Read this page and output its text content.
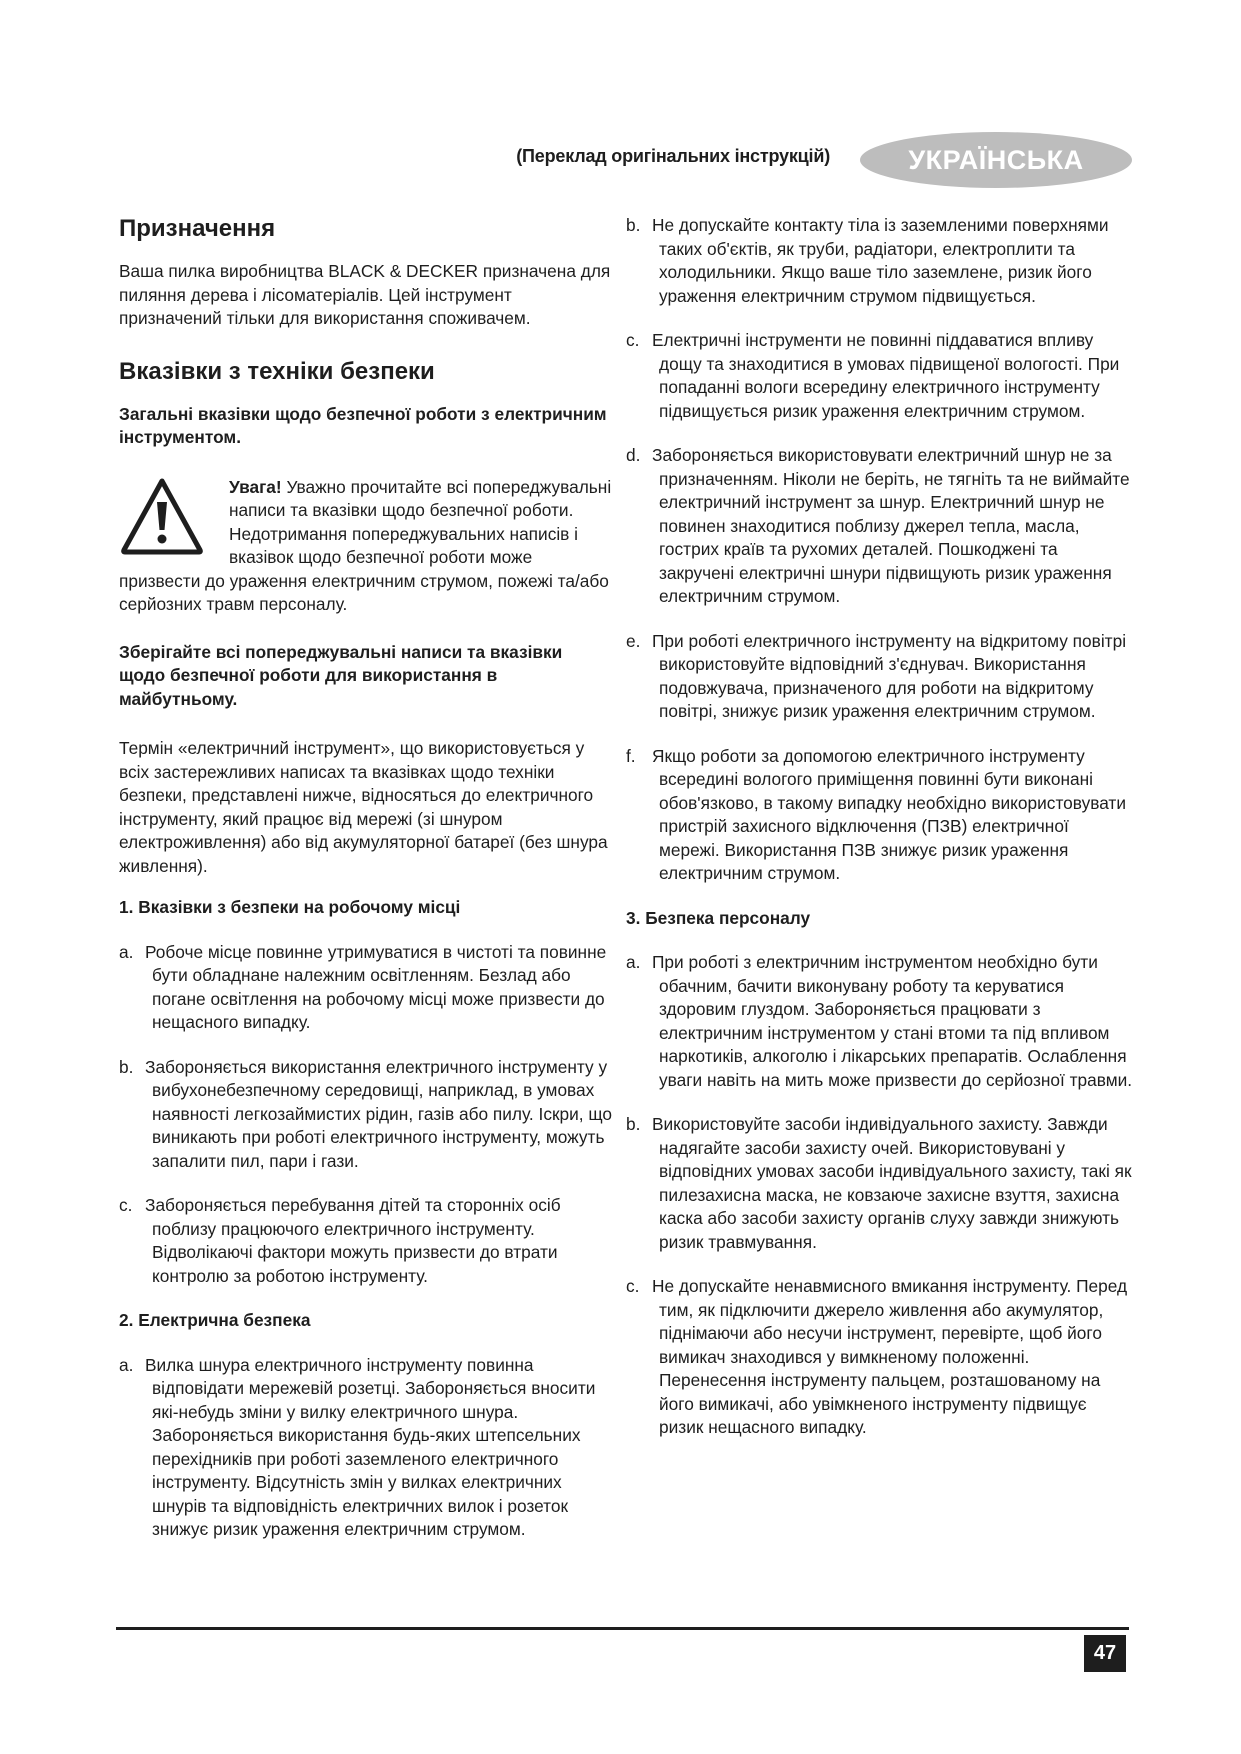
(Переклад оригінальних інструкцій)	УКРАЇНСЬКА
Призначення

Ваша пилка виробництва BLACK & DECKER призначена для пиляння дерева і лісоматеріалів. Цей інструмент призначений тільки для використання споживачем.

Вказівки з техніки безпеки
Загальні вказівки щодо безпечної роботи з електричним інструментом.

Увага! Уважно прочитайте всі попереджувальні написи та вказівки щодо безпечної роботи. Недотримання попереджувальних написів і вказівок щодо безпечної роботи може призвести до ураження електричним струмом, пожежі та/або серйозних травм персоналу.

Зберігайте всі попереджувальні написи та вказівки щодо безпечної роботи для використання в майбутньому.

Термін «електричний інструмент», що використовується у всіх застережливих написах та вказівках щодо техніки безпеки, представлені нижче, відносяться до електричного інструменту, який працює від мережі (зі шнуром електроживлення) або від акумуляторної батареї (без шнура живлення).

1. Вказівки з безпеки на робочому місці
a. Робоче місце повинне утримуватися в чистоті та повинне бути обладнане належним освітленням. Безлад або погане освітлення на робочому місці може призвести до нещасного випадку.
b. Забороняється використання електричного інструменту у вибухонебезпечному середовищі, наприклад, в умовах наявності легкозаймистих рідин, газів або пилу. Іскри, що виникають при роботі електричного інструменту, можуть запалити пил, пари і гази.
c. Забороняється перебування дітей та сторонніх осіб поблизу працюючого електричного інструменту. Відволікаючі фактори можуть призвести до втрати контролю за роботою інструменту.
2. Електрична безпека
a. Вилка шнура електричного інструменту повинна відповідати мережевій розетці. Забороняється вносити які-небудь зміни у вилку електричного шнура. Забороняється використання будь-яких штепсельних перехідників при роботі заземленого електричного інструменту. Відсутність змін у вилках електричних шнурів та відповідність електричних вилок і розеток знижує ризик ураження електричним струмом.
b. Не допускайте контакту тіла із заземленими поверхнями таких об'єктів, як труби, радіатори, електроплити та холодильники. Якщо ваше тіло заземлене, ризик його ураження електричним струмом підвищується.
c. Електричні інструменти не повинні піддаватися впливу дощу та знаходитися в умовах підвищеної вологості. При попаданні вологи всередину електричного інструменту підвищується ризик ураження електричним струмом.
d. Забороняється використовувати електричний шнур не за призначенням. Ніколи не беріть, не тягніть та не виймайте електричний інструмент за шнур. Електричний шнур не повинен знаходитися поблизу джерел тепла, масла, гострих країв та рухомих деталей. Пошкоджені та закручені електричні шнури підвищують ризик ураження електричним струмом.
e. При роботі електричного інструменту на відкритому повітрі використовуйте відповідний з'єднувач. Використання подовжувача, призначеного для роботи на відкритому повітрі, знижує ризик ураження електричним струмом.
f. Якщо роботи за допомогою електричного інструменту всередині вологого приміщення повинні бути виконані обов'язково, в такому випадку необхідно використовувати пристрій захисного відключення (ПЗВ) електричної мережі. Використання ПЗВ знижує ризик ураження електричним струмом.
3. Безпека персоналу
a. При роботі з електричним інструментом необхідно бути обачним, бачити виконувану роботу та керуватися здоровим глуздом. Забороняється працювати з електричним інструментом у стані втоми та під впливом наркотиків, алкоголю і лікарських препаратів. Ослаблення уваги навіть на мить може призвести до серйозної травми.
b. Використовуйте засоби індивідуального захисту. Завжди надягайте засоби захисту очей. Використовувані у відповідних умовах засоби індивідуального захисту, такі як пилезахисна маска, не ковзаюче захисне взуття, захисна каска або засоби захисту органів слуху завжди знижують ризик травмування.
c. Не допускайте ненавмисного вмикання інструменту. Перед тим, як підключити джерело живлення або акумулятор, піднімаючи або несучи інструмент, перевірте, щоб його вимикач знаходився у вимкненому положенні. Перенесення інструменту пальцем, розташованому на його вимикачі, або увімкненого інструменту підвищує ризик нещасного випадку.
47
